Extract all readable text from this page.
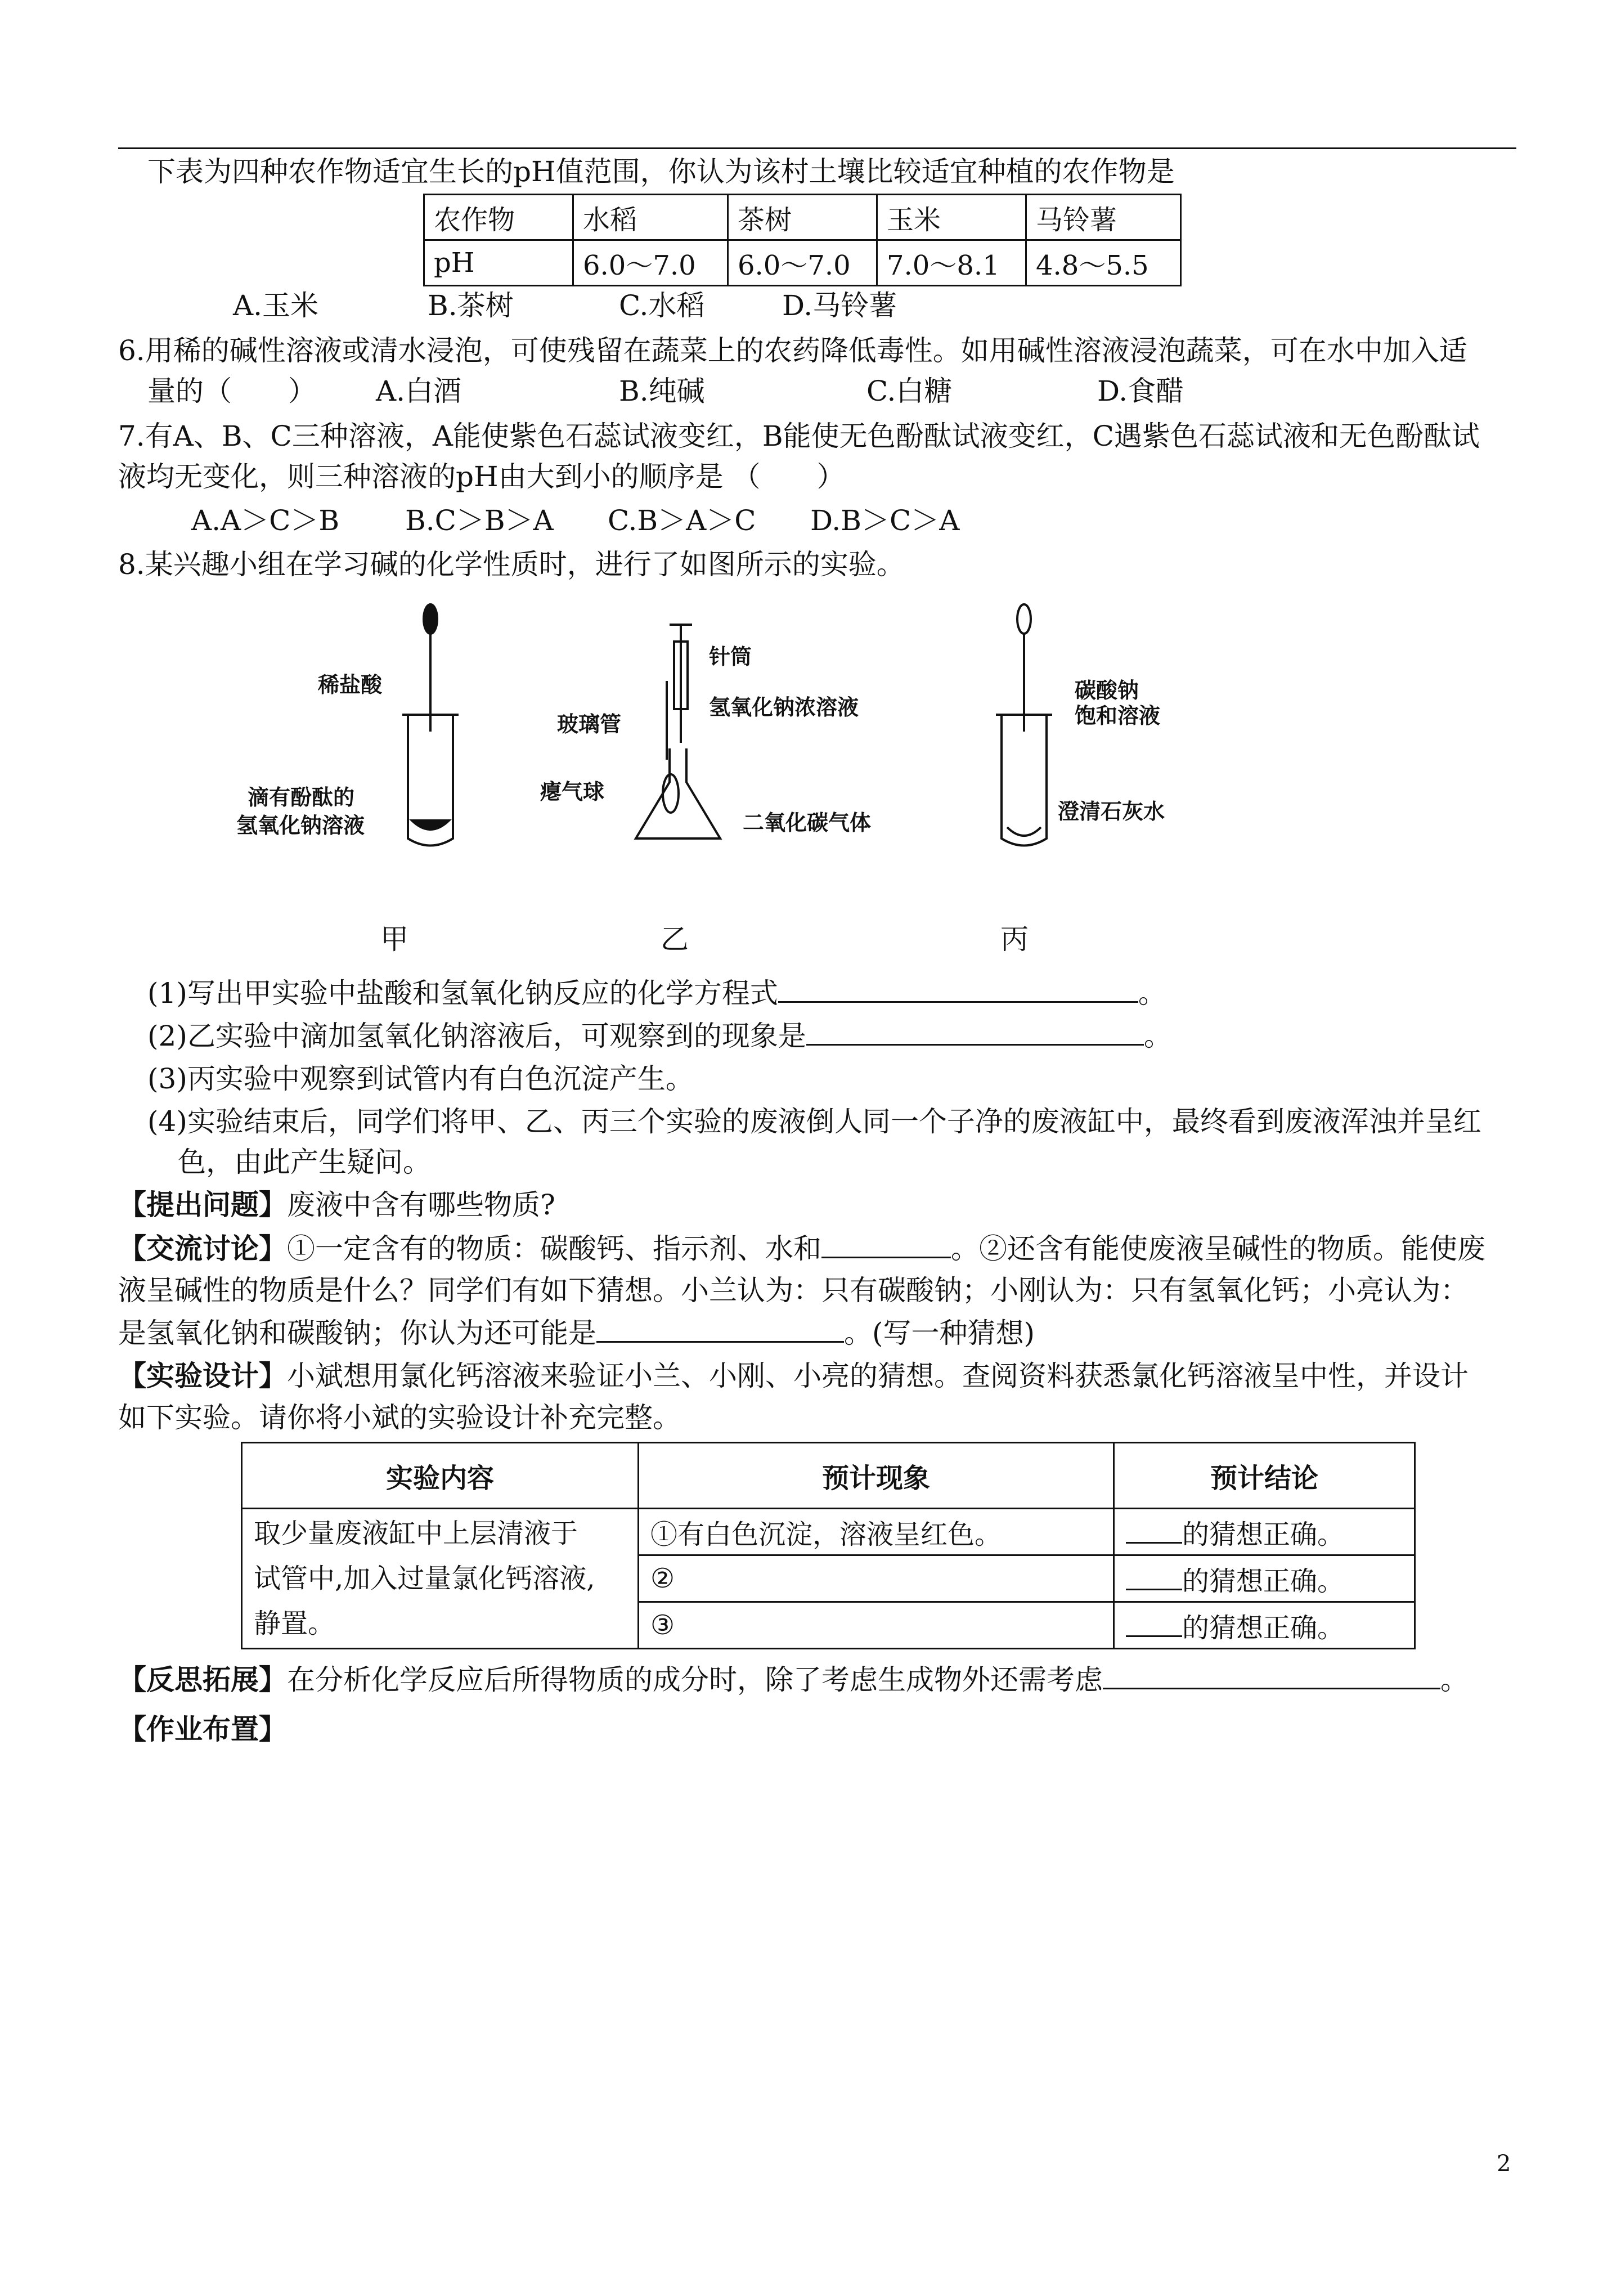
下表为四种农作物适宜生长的pH值范围，你认为该村土壤比较适宜种植的农作物是
农作物	水稻	茶树	玉米	马铃薯
pH	6.0～7.0	6.0～7.0	7.0～8.1	4.8～5.5
A.玉米	B.茶树	C.水稻	D.马铃薯
6.用稀的碱性溶液或清水浸泡，可使残留在蔬菜上的农药降低毒性。如用碱性溶液浸泡蔬菜，可在水中加入适
量的（　　） A.白酒	B.纯碱	C.白糖	D.食醋
7.有A、B、C三种溶液，A能使紫色石蕊试液变红，B能使无色酚酞试液变红，C遇紫色石蕊试液和无色酚酞试
液均无变化，则三种溶液的pH由大到小的顺序是 （　　）
A.A＞C＞B B.C＞B＞A C.B＞A＞C D.B＞C＞A
8.某兴趣小组在学习碱的化学性质时，进行了如图所示的实验。
稀盐酸
滴有酚酞的
氢氧化钠溶液
针筒
氢氧化钠浓溶液
玻璃管
瘪气球
二氧化碳气体
碳酸钠
饱和溶液
澄清石灰水
甲	乙	丙
(1)写出甲实验中盐酸和氢氧化钠反应的化学方程式	。
(2)乙实验中滴加氢氧化钠溶液后，可观察到的现象是	。
(3)丙实验中观察到试管内有白色沉淀产生。
(4)实验结束后，同学们将甲、乙、丙三个实验的废液倒人同一个子净的废液缸中，最终看到废液浑浊并呈红
色，由此产生疑问。
【提出问题】废液中含有哪些物质?
【交流讨论】①一定含有的物质：碳酸钙、指示剂、水和	。②还含有能使废液呈碱性的物质。能使废
液呈碱性的物质是什么？同学们有如下猜想。小兰认为：只有碳酸钠；小刚认为：只有氢氧化钙；小亮认为：
是氢氧化钠和碳酸钠；你认为还可能是	。(写一种猜想)
【实验设计】小斌想用氯化钙溶液来验证小兰、小刚、小亮的猜想。查阅资料获悉氯化钙溶液呈中性，并设计
如下实验。请你将小斌的实验设计补充完整。
实验内容	预计现象	预计结论

取少量废液缸中上层清液于
试管中,加入过量氯化钙溶液,
静置。	①有白色沉淀，溶液呈红色。	的猜想正确。
	②	的猜想正确。
	③	的猜想正确。
【反思拓展】在分析化学反应后所得物质的成分时，除了考虑生成物外还需考虑	。
【作业布置】
2
